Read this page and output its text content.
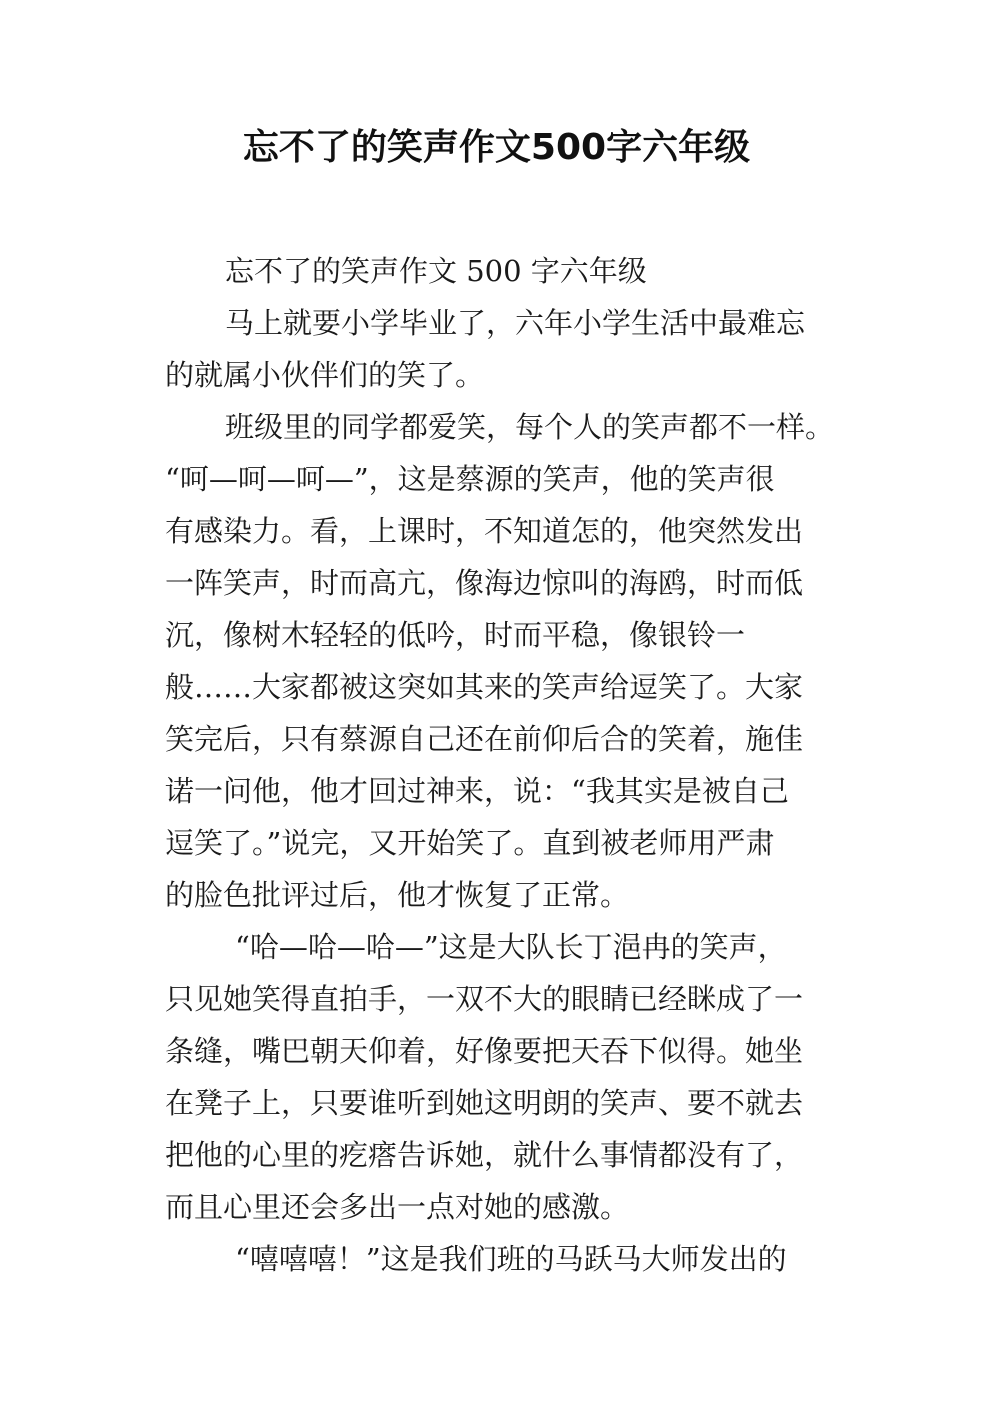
忘不了的笑声作文500字六年级
忘不了的笑声作文 500 字六年级
马上就要小学毕业了，六年小学生活中最难忘
的就属小伙伴们的笑了。
班级里的同学都爱笑，每个人的笑声都不一样。
“呵—呵—呵—”，这是蔡源的笑声，他的笑声很
有感染力。看，上课时，不知道怎的，他突然发出
一阵笑声，时而高亢，像海边惊叫的海鸥，时而低
沉，像树木轻轻的低吟，时而平稳，像银铃一
般……大家都被这突如其来的笑声给逗笑了。大家
笑完后，只有蔡源自己还在前仰后合的笑着，施佳
诺一问他，他才回过神来，说：“我其实是被自己
逗笑了。”说完，又开始笑了。直到被老师用严肃
的脸色批评过后，他才恢复了正常。
“哈—哈—哈—”这是大队长丁浥冉的笑声，
只见她笑得直拍手，一双不大的眼睛已经眯成了一
条缝，嘴巴朝天仰着，好像要把天吞下似得。她坐
在凳子上，只要谁听到她这明朗的笑声、要不就去
把他的心里的疙瘩告诉她，就什么事情都没有了，
而且心里还会多出一点对她的感激。
“嘻嘻嘻！”这是我们班的马跃马大师发出的
